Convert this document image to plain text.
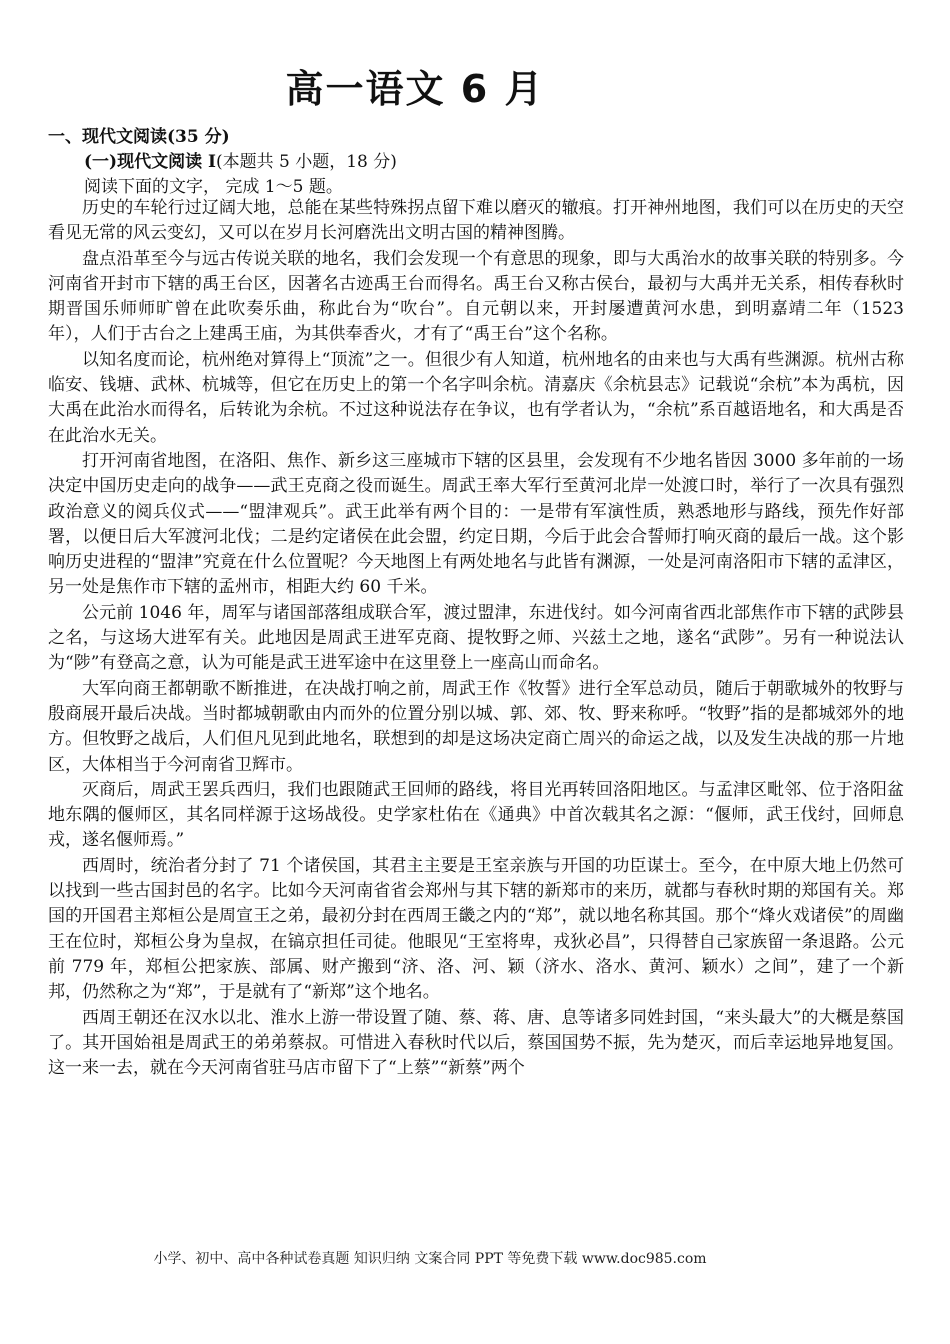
高一语文 6 月
一、现代文阅读(35 分)
(一)现代文阅读 I(本题共 5 小题，18 分)
阅读下面的文字， 完成 1～5 题。

历史的车轮行过辽阔大地，总能在某些特殊拐点留下难以磨灭的辙痕。打开神州地图，我们可以在历史的天空看见无常的风云变幻，又可以在岁月长河磨洗出文明古国的精神图腾。

盘点沿革至今与远古传说关联的地名，我们会发现一个有意思的现象，即与大禹治水的故事关联的特别多。今河南省开封市下辖的禹王台区，因著名古迹禹王台而得名。禹王台又称古侯台，最初与大禹并无关系，相传春秋时期晋国乐师师旷曾在此吹奏乐曲，称此台为“吹台”。自元朝以来，开封屡遭黄河水患，到明嘉靖二年（1523 年），人们于古台之上建禹王庙，为其供奉香火，才有了“禹王台”这个名称。

以知名度而论，杭州绝对算得上“顶流”之一。但很少有人知道，杭州地名的由来也与大禹有些渊源。杭州古称临安、钱塘、武林、杭城等，但它在历史上的第一个名字叫余杭。清嘉庆《余杭县志》记载说“余杭”本为禹杭，因大禹在此治水而得名，后转讹为余杭。不过这种说法存在争议，也有学者认为，“余杭”系百越语地名，和大禹是否在此治水无关。

打开河南省地图，在洛阳、焦作、新乡这三座城市下辖的区县里，会发现有不少地名皆因 3000 多年前的一场决定中国历史走向的战争——武王克商之役而诞生。周武王率大军行至黄河北岸一处渡口时，举行了一次具有强烈政治意义的阅兵仪式——“盟津观兵”。武王此举有两个目的：一是带有军演性质，熟悉地形与路线，预先作好部署，以便日后大军渡河北伐；二是约定诸侯在此会盟，约定日期，今后于此会合誓师打响灭商的最后一战。这个影响历史进程的“盟津”究竟在什么位置呢？今天地图上有两处地名与此皆有渊源，一处是河南洛阳市下辖的孟津区，另一处是焦作市下辖的孟州市，相距大约 60 千米。

公元前 1046 年，周军与诸国部落组成联合军，渡过盟津，东进伐纣。如今河南省西北部焦作市下辖的武陟县之名，与这场大进军有关。此地因是周武王进军克商、提牧野之师、兴兹土之地，遂名“武陟”。另有一种说法认为“陟”有登高之意，认为可能是武王进军途中在这里登上一座高山而命名。

大军向商王都朝歌不断推进，在决战打响之前，周武王作《牧誓》进行全军总动员，随后于朝歌城外的牧野与殷商展开最后决战。当时都城朝歌由内而外的位置分别以城、郭、郊、牧、野来称呼。“牧野”指的是都城郊外的地方。但牧野之战后，人们但凡见到此地名，联想到的却是这场决定商亡周兴的命运之战，以及发生决战的那一片地区，大体相当于今河南省卫辉市。

灭商后，周武王罢兵西归，我们也跟随武王回师的路线，将目光再转回洛阳地区。与孟津区毗邻、位于洛阳盆地东隅的偃师区，其名同样源于这场战役。史学家杜佑在《通典》中首次载其名之源：“偃师，武王伐纣，回师息戎，遂名偃师焉。”

西周时，统治者分封了 71 个诸侯国，其君主主要是王室亲族与开国的功臣谋士。至今，在中原大地上仍然可以找到一些古国封邑的名字。比如今天河南省省会郑州与其下辖的新郑市的来历，就都与春秋时期的郑国有关。郑国的开国君主郑桓公是周宣王之弟，最初分封在西周王畿之内的“郑”，就以地名称其国。那个“烽火戏诸侯”的周幽王在位时，郑桓公身为皇叔，在镐京担任司徒。他眼见“王室将卑，戎狄必昌”，只得替自己家族留一条退路。公元前 779 年，郑桓公把家族、部属、财产搬到“济、洛、河、颖（济水、洛水、黄河、颖水）之间”，建了一个新邦，仍然称之为“郑”，于是就有了“新郑”这个地名。

西周王朝还在汉水以北、淮水上游一带设置了随、蔡、蒋、唐、息等诸多同姓封国，“来头最大”的大概是蔡国了。其开国始祖是周武王的弟弟蔡叔。可惜进入春秋时代以后，蔡国国势不振，先为楚灭，而后幸运地异地复国。这一来一去，就在今天河南省驻马店市留下了“上蔡”“新蔡”两个

小学、初中、高中各种试卷真题 知识归纳 文案合同 PPT 等免费下载 www.doc985.com
